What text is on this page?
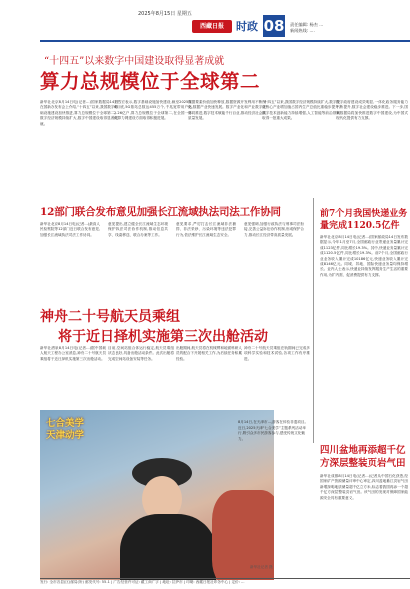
2025年8月15日 星期五
西藏日报	时政 08 责任编辑: 杨杰 ...
新闻热线: ....
“十四五”以来数字中国建设取得显著成就
算力总规模位于全球第二
新华社北京8月14日电(记者...)国家数据局14日在国新办发布会上介绍,“十四五”以来,我国数字基础设施建设加快推进,算力总规模位于全球第二。数字经济规模持续扩大,数字中国建设取得显著成就。
刘烈宏表示,数字基础设施加快建设,截至2025年6月底,5G基站总数达455万个,千兆宽带用户达2.26亿户,算力总规模位于全球第二,在全国一体化算力网建设方面取得积极进展。
数据要素价值加快释放,数据资源开发利用不断深化,数据产业快速发展。数字产业化和产业数字化协同推进,数字技术赋能千行百业,推动经济社会高质量发展。
“十四五”以来,我国数字经济规模持续扩大,数字经济核心产业增加值占国内生产总值比重稳步提升,数字技术创新能力持续增强,人工智能等前沿领域取得一批重大成果。
数字政府建设成效明显,一体化政务服务能力不断提升,数字社会建设稳步推进。下一步,国家数据局将加快推进数字中国建设,为中国式现代化提供有力支撑。
12部门联合发布意见加强长江流域执法司法工作协同
新华社北京8月14日电(记者...)最高人民检察院等12部门近日联合发布意见,加强长江流域执法司法工作协同。
意见提出,建立健全长江流域生态环境保护执法司法协作机制,推动信息共享、线索移送、联合办案等工作。
意见要求,严厉打击长江流域非法捕捞、非法采砂、污染环境等违法犯罪行为,依法维护长江流域生态安全。
意见强调,加强行政执法与刑事司法衔接,完善公益诉讼协作机制,形成保护合力,推动长江经济带高质量发展。
前7个月我国快递业务量完成1120.5亿件
新华社北京8月14日电(记者...)国家邮政局14日发布数据显示,今年1月至7月,全国邮政行业寄递业务量累计完成1123亿件,同比增长19.3%。其中,快递业务量累计完成1120.5亿件,同比增长19.3%。前7个月,全国邮政行业业务收入累计完成10186亿元,快递业务收入累计完成8146亿元。同城、异地、国际快递业务量均保持增长。业内人士表示,快递业持续发挥服务生产生活的重要作用,为扩内需、促消费提供有力支撑。
神舟二十号航天员乘组
将于近日择机实施第三次出舱活动
新华社酒泉8月14日电(记者...)据中国载人航天工程办公室消息,神舟二十号航天员乘组将于近日择机实施第三次出舱活动。
目前,空间站组合体运行稳定,航天员乘组状态良好,具备出舱活动条件。此次出舱将完成空间站设备安装等任务。
出舱期间,航天员将在机械臂和地面科研人员的配合下开展相关工作,为后续任务积累经验。
神舟二十号航天员乘组在轨期间已完成多项科学实验和技术试验,各项工作有序推进。
七合美学
天津动学
8月14日,在天津市...,游客在体验非遗项目。近日,2025天津“七合美学”主题系列活动举行,吸引众多市民游客参与,感受传统文化魅力。
新华社记者 摄
四川盆地再添超千亿方深层整装页岩气田
新华社成都8月14日电(记者...)记者从中国石化获悉,经国家矿产资源储量评审中心审定,四川盆地綦江页岩气田新增探明地质储量超千亿立方米,标志着我国再添一个超千亿方深层整装页岩气田。该气田的发现对保障国家能源安全具有重要意义。
发行: 全市各县(区)邮局(所) 邮发代号: 55-1 | 广告经营许可证: 藏工商广字 | 地址: 拉萨市 | 印刷: 西藏日报社印务中心 | 定价: ...
